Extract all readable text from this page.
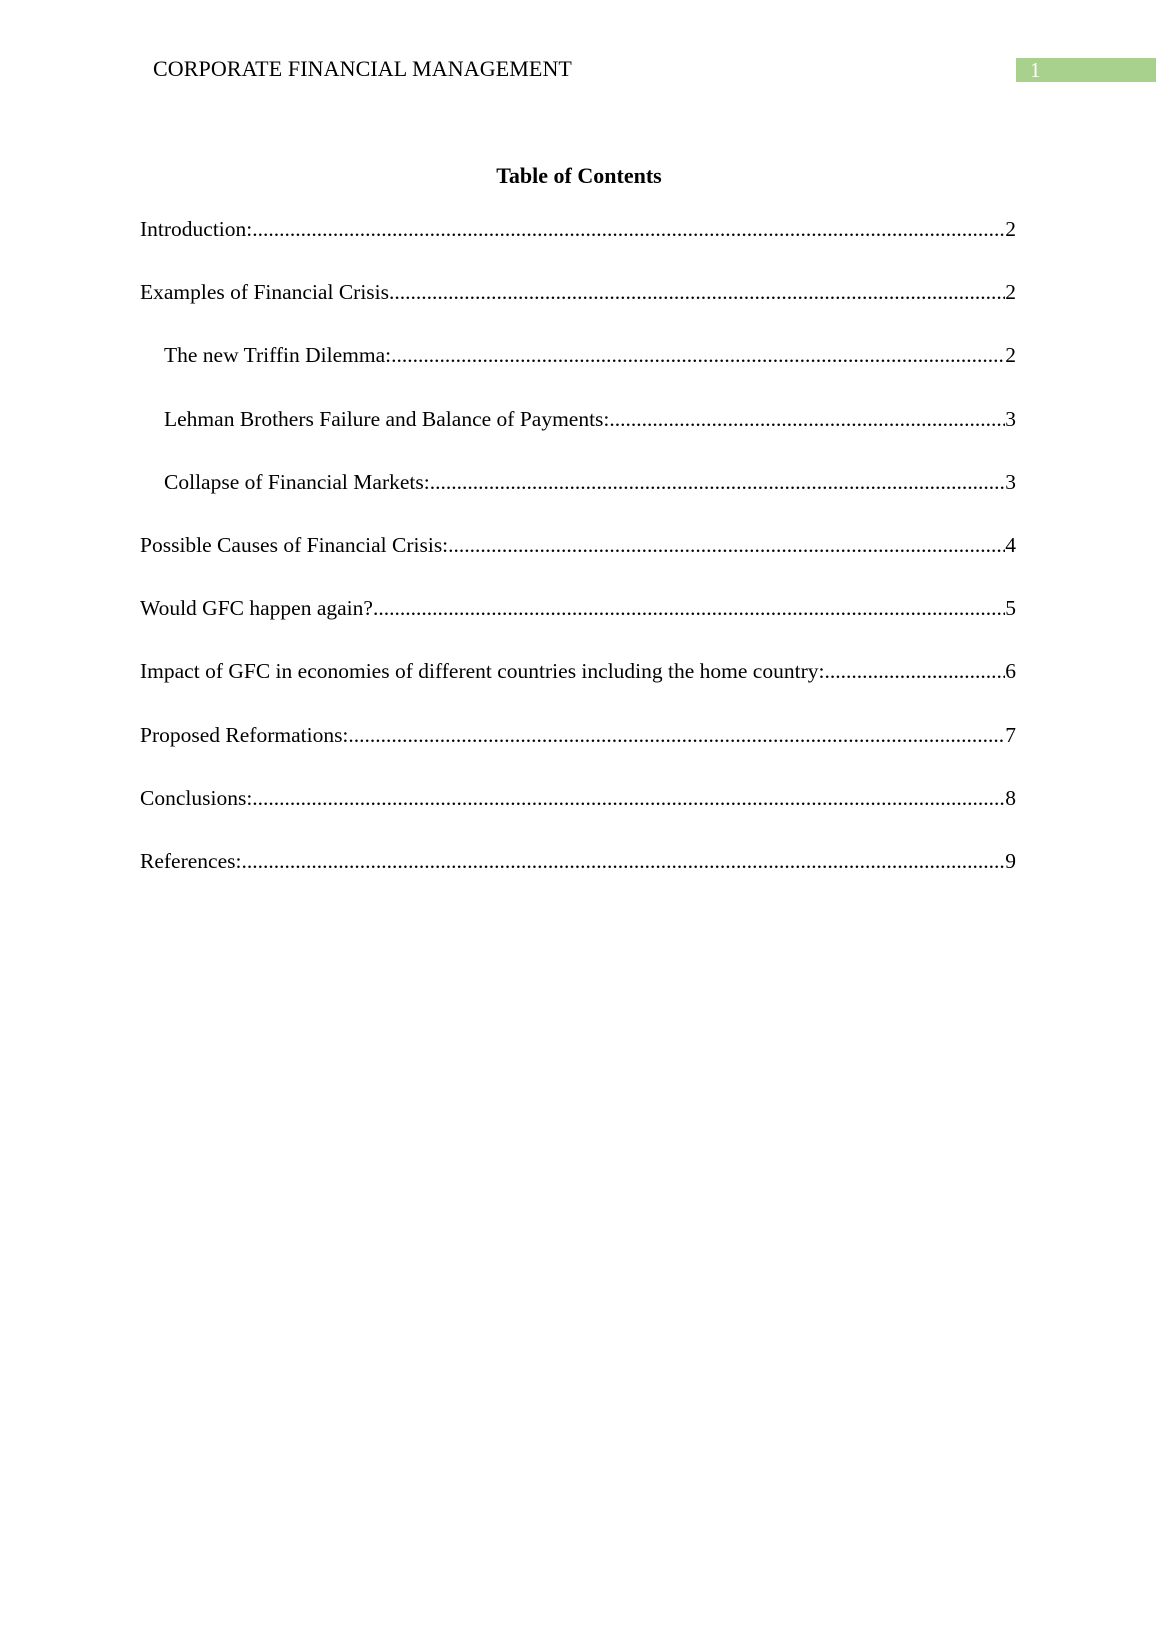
CORPORATE FINANCIAL MANAGEMENT	1
Table of Contents
Introduction: .....	2
Examples of Financial Crisis .....	2
The new Triffin Dilemma: .....	2
Lehman Brothers Failure and Balance of Payments: .....	3
Collapse of Financial Markets: .....	3
Possible Causes of Financial Crisis: .....	4
Would GFC happen again? .....	5
Impact of GFC in economies of different countries including the home country: .....	6
Proposed Reformations: .....	7
Conclusions: .....	8
References: .....	9
